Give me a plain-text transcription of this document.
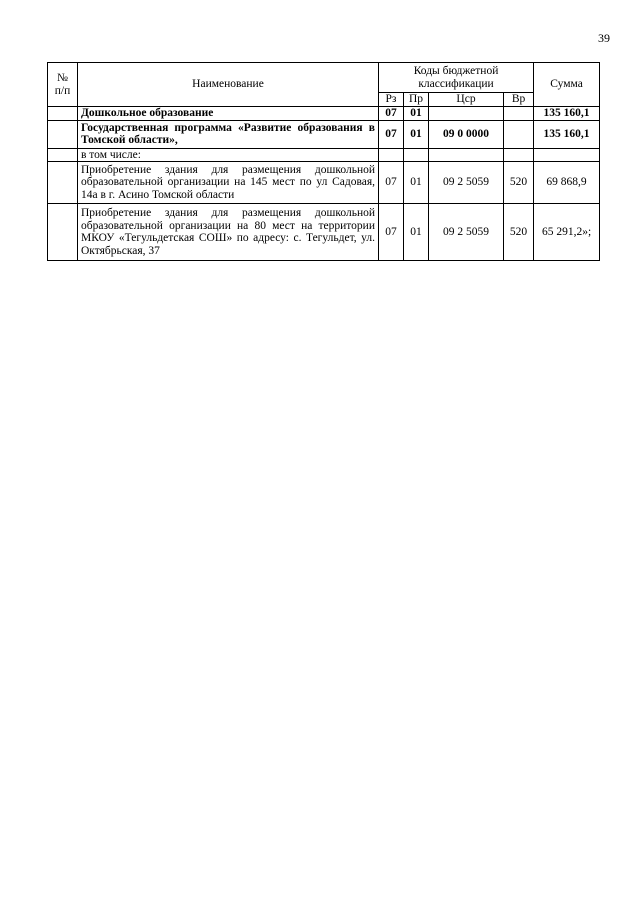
39
№ п/п	Наименование	Коды бюджетной классификации				Сумма
		Рз	Пр	Цср	Вр	
	Дошкольное образование	07	01			135 160,1
	Государственная программа «Развитие образования в Томской области»,	07	01	09 0 0000		135 160,1
	в том числе:					
	Приобретение здания для размещения дошкольной образовательной организации на 145 мест по ул Садовая, 14а в г. Асино Томской области	07	01	09 2 5059	520	69 868,9
	Приобретение здания для размещения дошкольной образовательной организации на 80 мест на территории МКОУ «Тегульдетская СОШ» по адресу: с. Тегульдет, ул. Октябрьская, 37	07	01	09 2 5059	520	65 291,2»;
